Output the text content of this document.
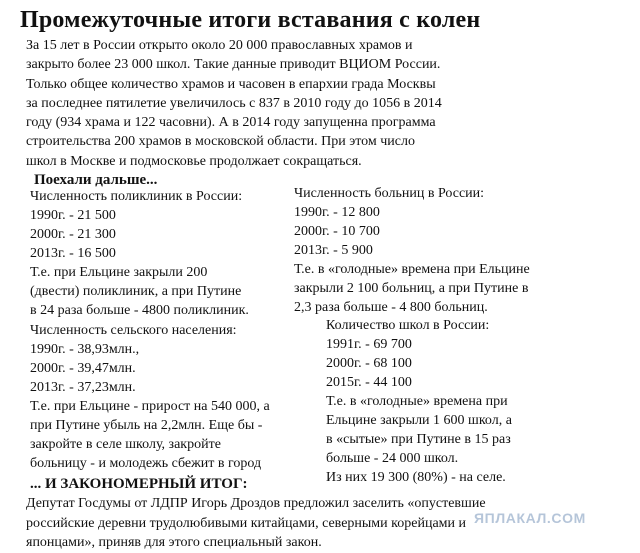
Промежуточные итоги вставания с колен
За 15 лет в России открыто около 20 000 православных храмов и
закрыто более 23 000 школ. Такие данные приводит ВЦИОМ России.
Только общее количество храмов и часовен в епархии града Москвы
за последнее пятилетие увеличилось с 837 в 2010 году до 1056 в 2014
году (934 храма и 122 часовни). А в 2014 году запущенна программа
строительства 200 храмов в московской области. При этом число
школ в Москве и подмосковье продолжает сокращаться.
Поехали дальше...
Численность поликлиник в России:
1990г. - 21 500
2000г. - 21 300
2013г. - 16 500
Т.е. при Ельцине закрыли 200
(двести) поликлиник, а при Путине
в 24 раза больше - 4800 поликлиник.
Численность больниц в России:
1990г. - 12 800
2000г. - 10 700
2013г. - 5 900
Т.е. в «голодные» времена при Ельцине
закрыли 2 100 больниц, а при Путине в
2,3 раза больше - 4 800 больниц.
Численность сельского населения:
1990г. - 38,93млн.,
2000г. - 39,47млн.
2013г. - 37,23млн.
Т.е. при Ельцине - прирост на 540 000, а
при Путине убыль на 2,2млн. Еще бы -
закройте в селе школу, закройте
больницу - и молодежь сбежит в город
Количество школ в России:
1991г. - 69 700
2000г. - 68 100
2015г. - 44 100
Т.е. в «голодные» времена при
Ельцине закрыли 1 600 школ, а
в «сытые» при Путине в 15 раз
больше - 24 000 школ.
Из них 19 300 (80%) - на селе.
... И ЗАКОНОМЕРНЫЙ ИТОГ:
Депутат Госдумы от ЛДПР Игорь Дроздов предложил заселить «опустевшие
российские деревни трудолюбивыми китайцами, северными корейцами и
японцами», приняв для этого специальный закон.
ЯПЛАКАЛ.COM
